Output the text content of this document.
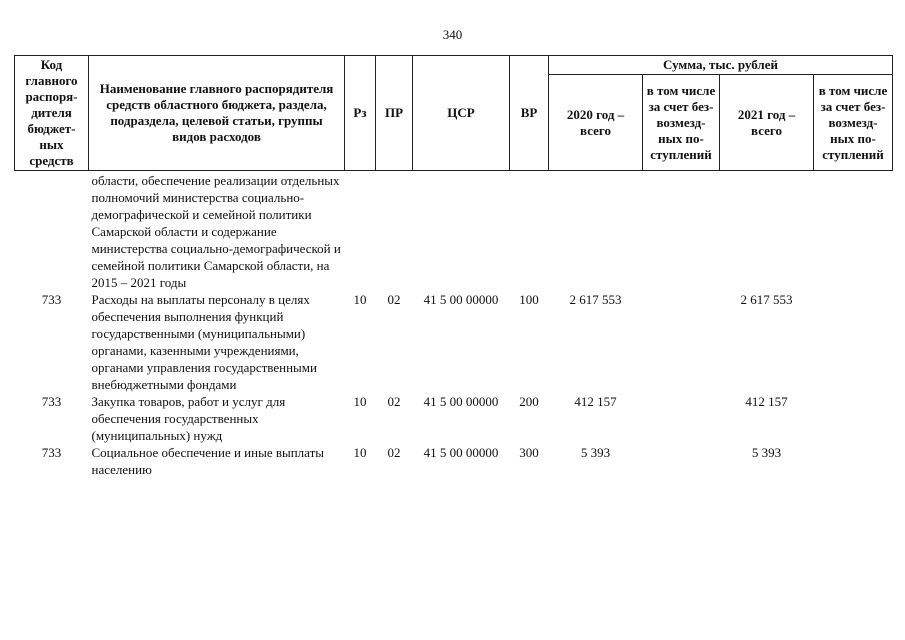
340
Код главного распоря-дителя бюджет-ных средств	Наименование главного распорядителя средств областного бюджета, раздела, подраздела, целевой статьи, группы видов расходов	Рз	ПР	ЦСР	ВР	Сумма, тыс. рублей			
						2020 год – всего	в том числе за счет без-возмезд-ных по-ступлений	2021 год – всего	в том числе за счет без-возмезд-ных по-ступлений
	области, обеспечение реализации отдельных полномочий министерства социально-демографической и семейной политики Самарской области и содержание министерства социально-демографической и семейной политики Самарской области, на 2015 – 2021 годы								
733	Расходы на выплаты персоналу в целях обеспечения выполнения функций государственными (муниципальными) органами, казенными учреждениями, органами управления государственными внебюджетными фондами	10	02	41 5 00 00000	100	2 617 553		2 617 553	
733	Закупка товаров, работ и услуг для обеспечения государственных (муниципальных) нужд	10	02	41 5 00 00000	200	412 157		412 157	
733	Социальное обеспечение и иные выплаты населению	10	02	41 5 00 00000	300	5 393		5 393	
